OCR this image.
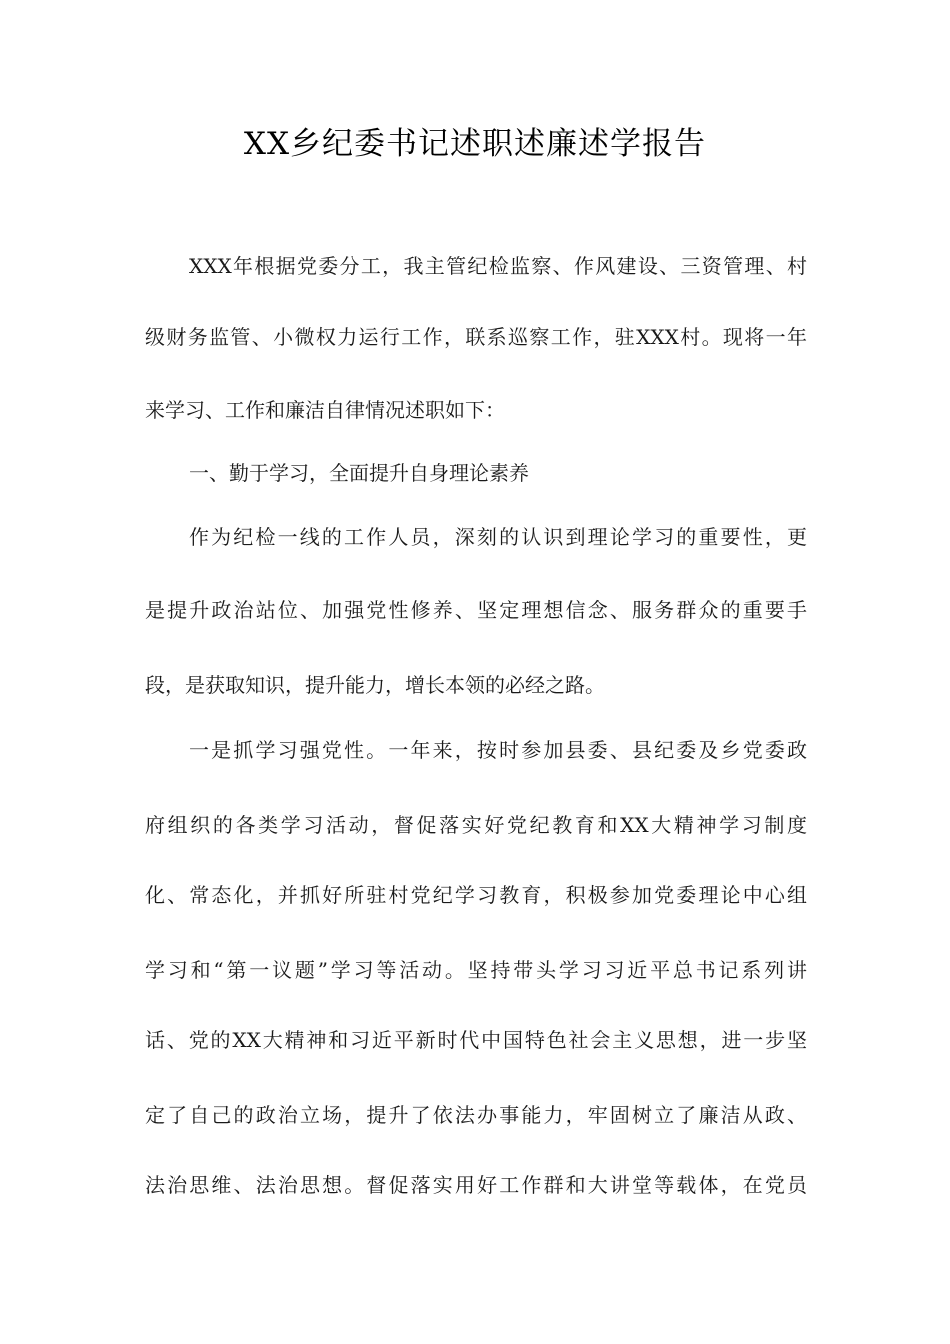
XX乡纪委书记述职述廉述学报告
XXX年根据党委分工，我主管纪检监察、作风建设、三资管理、村
级财务监管、小微权力运行工作，联系巡察工作，驻XXX村。现将一年
来学习、工作和廉洁自律情况述职如下：
一、勤于学习，全面提升自身理论素养
作为纪检一线的工作人员，深刻的认识到理论学习的重要性，更
是提升政治站位、加强党性修养、坚定理想信念、服务群众的重要手
段，是获取知识，提升能力，增长本领的必经之路。
一是抓学习强党性。一年来，按时参加县委、县纪委及乡党委政
府组织的各类学习活动，督促落实好党纪教育和XX大精神学习制度
化、常态化，并抓好所驻村党纪学习教育，积极参加党委理论中心组
学习和“第一议题”学习等活动。坚持带头学习习近平总书记系列讲
话、党的XX大精神和习近平新时代中国特色社会主义思想，进一步坚
定了自己的政治立场，提升了依法办事能力，牢固树立了廉洁从政、
法治思维、法治思想。督促落实用好工作群和大讲堂等载体，在党员
